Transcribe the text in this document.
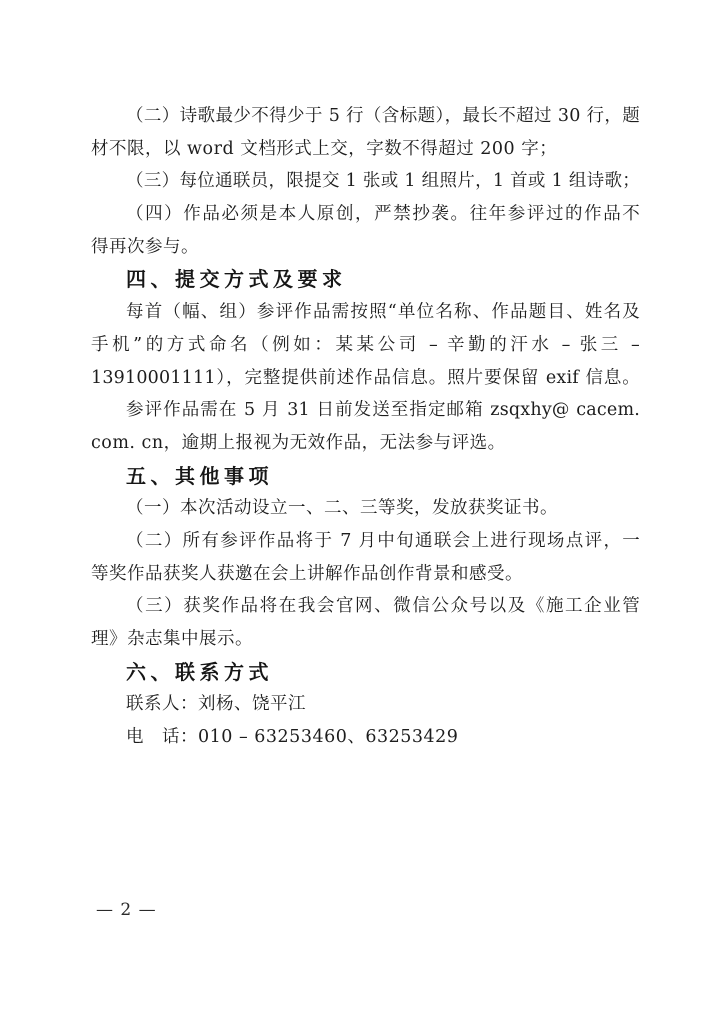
（二）诗歌最少不得少于 5 行（含标题），最长不超过 30 行，题
材不限，以 word 文档形式上交，字数不得超过 200 字；
（三）每位通联员，限提交 1 张或 1 组照片，1 首或 1 组诗歌；
（四）作品必须是本人原创，严禁抄袭。往年参评过的作品不
得再次参与。
四、提交方式及要求
每首（幅、组）参评作品需按照“单位名称、作品题目、姓名及
手机”的方式命名（例如：某某公司 – 辛勤的汗水 – 张三 –
13910001111），完整提供前述作品信息。照片要保留 exif 信息。
参评作品需在 5 月 31 日前发送至指定邮箱 zsqxhy@ cacem.
com. cn，逾期上报视为无效作品，无法参与评选。
五、其他事项
（一）本次活动设立一、二、三等奖，发放获奖证书。
（二）所有参评作品将于 7 月中旬通联会上进行现场点评，一
等奖作品获奖人获邀在会上讲解作品创作背景和感受。
（三）获奖作品将在我会官网、微信公众号以及《施工企业管
理》杂志集中展示。
六、联系方式
联系人：刘杨、饶平江
电　话：010 – 63253460、63253429
— 2 —
